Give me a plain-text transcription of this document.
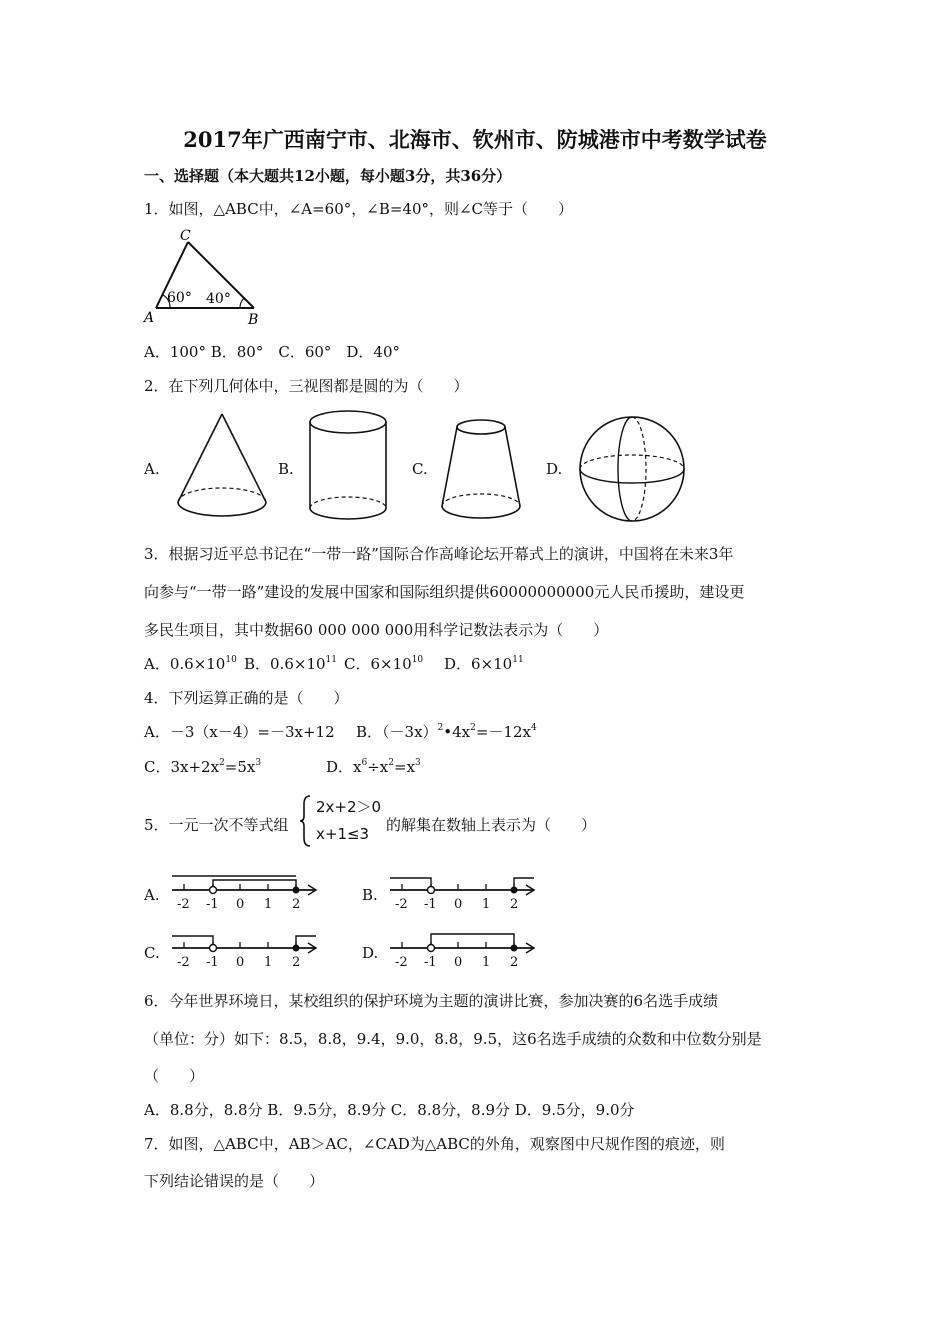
2017年广西南宁市、北海市、钦州市、防城港市中考数学试卷
一、选择题（本大题共12小题，每小题3分，共36分）
1．如图，△ABC中，∠A=60°，∠B=40°，则∠C等于（　　）
C
A	B
60° 40°
A．100° B．80°　C．60°　D．40°
2．在下列几何体中，三视图都是圆的为（　　）
A.	B.	C.	D.
3．根据习近平总书记在“一带一路”国际合作高峰论坛开幕式上的演讲，中国将在未来3年
向参与“一带一路”建设的发展中国家和国际组织提供60000000000元人民币援助，建设更
多民生项目，其中数据60 000 000 000用科学记数法表示为（　　）
A．$0.6\times 10^{10}$ B．$0.6\times 10^{11}$ C．$6\times 10^{10}$ D．$6\times 10^{11}$
4．下列运算正确的是（　　）
A．－3（x－4）=－3x+12 B．$(-3x)^2•4x^2=-12x^4$
C．$3x+2x^2=5x^3$	D．$x^6\div x^2=x^3$
5．一元一次不等式组
2x+2＞0
x+1≤3 的解集在数轴上表示为（　　）
A.
-2 -1 0 1 2
B.
-2 -1 0 1 2
C.
-2 -1 0 1 2
D.
-2 -1 0 1 2
6．今年世界环境日，某校组织的保护环境为主题的演讲比赛，参加决赛的6名选手成绩
（单位：分）如下：8.5，8.8，9.4，9.0，8.8，9.5，这6名选手成绩的众数和中位数分别是
（　　）
A．8.8分，8.8分 B．9.5分，8.9分 C．8.8分，8.9分 D．9.5分，9.0分
7．如图，△ABC中，AB＞AC，∠CAD为△ABC的外角，观察图中尺规作图的痕迹，则
下列结论错误的是（　　）
